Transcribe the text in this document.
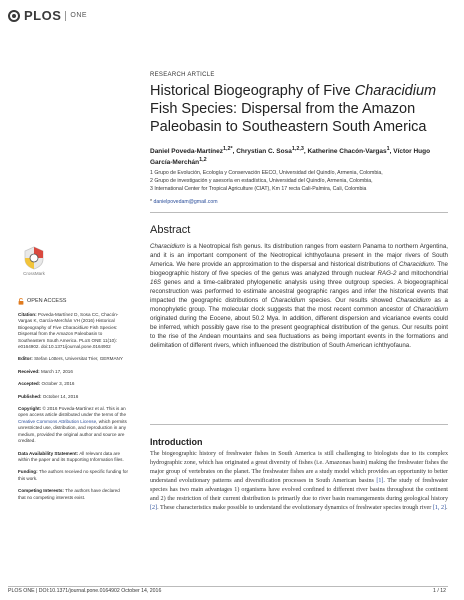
PLOS ONE
CrossMark
OPEN ACCESS
Citation: Poveda-Martínez D, Sosa CC, Chacón-Vargas K, García-Merchán VH (2016) Historical Biogeography of Five Characidium Fish Species: Dispersal from the Amazon Paleobasin to Southeastern South America. PLoS ONE 11(10): e0164902. doi:10.1371/journal.pone.0164902
Editor: Stefan Lötters, Universitat Trier, GERMANY
Received: March 17, 2016
Accepted: October 3, 2016
Published: October 14, 2016
Copyright: © 2016 Poveda-Martínez et al. This is an open access article distributed under the terms of the Creative Commons Attribution License, which permits unrestricted use, distribution, and reproduction in any medium, provided the original author and source are credited.
Data Availability Statement: All relevant data are within the paper and its Supporting Information files.
Funding: The authors received no specific funding for this work.
Competing Interests: The authors have declared that no competing interests exist.
RESEARCH ARTICLE
Historical Biogeography of Five Characidium Fish Species: Dispersal from the Amazon Paleobasin to Southeastern South America
Daniel Poveda-Martínez$^{1,2*}$, Chrystian C. Sosa$^{1,2,3}$, Katherine Chacón-Vargas$^1$, Víctor Hugo García-Merchán$^{1,2}$
1 Grupo de Evolución, Ecología y Conservación EECO, Universidad del Quindío, Armenia, Colombia,
2 Grupo de investigación y asesoría en estadística, Universidad del Quindío, Armenia, Colombia,
3 International Center for Tropical Agriculture (CIAT), Km 17 recta Cali-Palmira, Cali, Colombia
* danielpovedam@gmail.com
Abstract
Characidium is a Neotropical fish genus. Its distribution ranges from eastern Panama to northern Argentina, and it is an important component of the Neotropical ichthyofauna present in the major rivers of South America. We here provide an approximation to the dispersal and historical distributions of Characidium. The biogeographic history of five species of the genus was analyzed through nuclear RAG-2 and mitochondrial 16S genes and a time-calibrated phylogenetic analysis using three outgroup species. A biogeographical reconstruction was performed to estimate ancestral geographic ranges and infer the historical events that impacted the geographic distributions of Characidium species. Our results showed Characidium as a monophyletic group. The molecular clock suggests that the most recent common ancestor of Characidium originated during the Eocene, about 50.2 Mya. In addition, different dispersion and vicariance events could be inferred, which possibly gave rise to the present geographical distribution of the genus. Our results point to the rise of the Andean mountains and sea fluctuations as being important events in the formations and delimitation of different rivers, which influenced the distribution of South American ichthyofauna.
Introduction
The biogeographic history of freshwater fishes in South America is still challenging to biologists due to its complex hydrographic zone, which has originated a great diversity of fishes (i.e. Amazonas basin) making the freshwater fishes the major group of vertebrates on the planet. The freshwater fishes are a study model which provides an opportunity to better understand evolutionary patterns and diversification processes in South American basins [1]. The study of freshwater species has two main advantages 1) organisms have evolved confined to different river basins throughout the continent and 2) the restriction of their current distribution is primarily due to river basin rearrangements during geological history [2]. These characteristics make possible to understand the evolutionary dynamics of freshwater species trough river [1, 2].
PLOS ONE | DOI:10.1371/journal.pone.0164902 October 14, 2016	1 / 12
